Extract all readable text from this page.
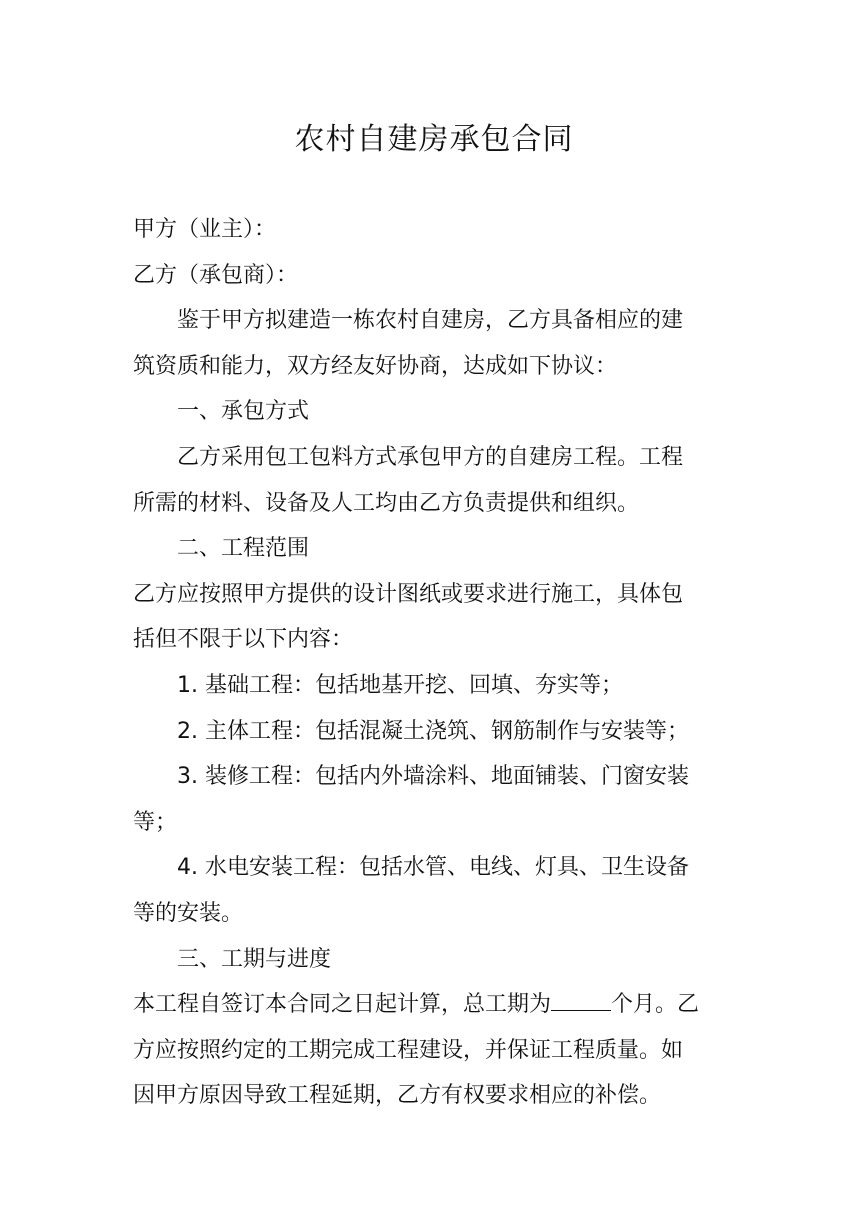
农村自建房承包合同
甲方（业主）：
乙方（承包商）：
鉴于甲方拟建造一栋农村自建房，乙方具备相应的建
筑资质和能力，双方经友好协商，达成如下协议：
一、承包方式
乙方采用包工包料方式承包甲方的自建房工程。工程
所需的材料、设备及人工均由乙方负责提供和组织。
二、工程范围
乙方应按照甲方提供的设计图纸或要求进行施工，具体包
括但不限于以下内容：
1. 基础工程：包括地基开挖、回填、夯实等；
2. 主体工程：包括混凝土浇筑、钢筋制作与安装等；
3. 装修工程：包括内外墙涂料、地面铺装、门窗安装
等；
4. 水电安装工程：包括水管、电线、灯具、卫生设备
等的安装。
三、工期与进度
本工程自签订本合同之日起计算，总工期为	个月。乙
方应按照约定的工期完成工程建设，并保证工程质量。如
因甲方原因导致工程延期，乙方有权要求相应的补偿。
